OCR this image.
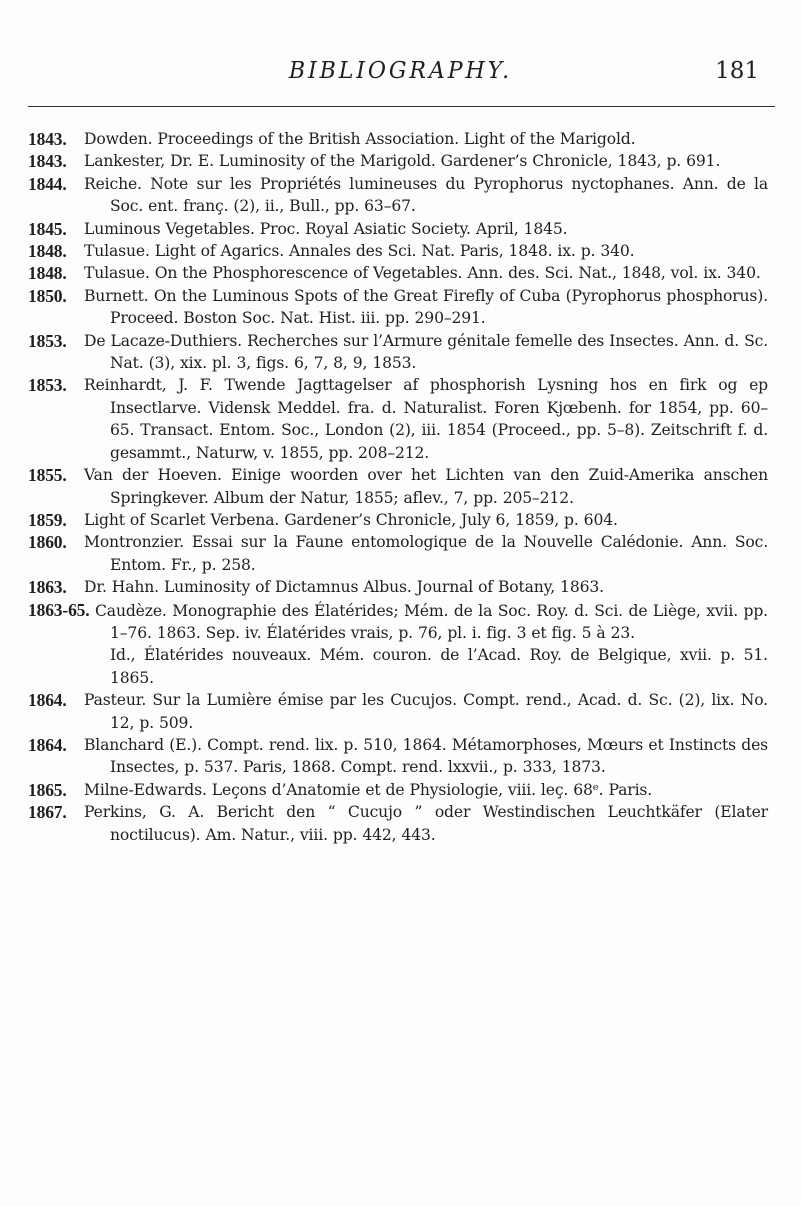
BIBLIOGRAPHY.	181
1843. Dowden. Proceedings of the British Association. Light of the Marigold.
1843. Lankester, Dr. E. Luminosity of the Marigold. Gardener’s Chronicle, 1843, p. 691.
1844. Reiche. Note sur les Propriétés lumineuses du Pyrophorus nyctophanes. Ann. de la Soc. ent. franç. (2), ii., Bull., pp. 63–67.
1845. Luminous Vegetables. Proc. Royal Asiatic Society. April, 1845.
1848. Tulasue. Light of Agarics. Annales des Sci. Nat. Paris, 1848. ix. p. 340.
1848. Tulasue. On the Phosphorescence of Vegetables. Ann. des. Sci. Nat., 1848, vol. ix. 340.
1850. Burnett. On the Luminous Spots of the Great Firefly of Cuba (Pyrophorus phosphorus). Proceed. Boston Soc. Nat. Hist. iii. pp. 290–291.
1853. De Lacaze-Duthiers. Recherches sur l’Armure génitale femelle des Insectes. Ann. d. Sc. Nat. (3), xix. pl. 3, figs. 6, 7, 8, 9, 1853.
1853. Reinhardt, J. F. Twende Jagttagelser af phosphorish Lysning hos en firk og ep Insectlarve. Vidensk Meddel. fra. d. Naturalist. Foren Kjœbenh. for 1854, pp. 60–65. Transact. Entom. Soc., London (2), iii. 1854 (Proceed., pp. 5–8). Zeitschrift f. d. gesammt., Naturw, v. 1855, pp. 208–212.
1855. Van der Hoeven. Einige woorden over het Lichten van den Zuid-Amerika anschen Springkever. Album der Natur, 1855; aflev., 7, pp. 205–212.
1859. Light of Scarlet Verbena. Gardener’s Chronicle, July 6, 1859, p. 604.
1860. Montronzier. Essai sur la Faune entomologique de la Nouvelle Calédonie. Ann. Soc. Entom. Fr., p. 258.
1863. Dr. Hahn. Luminosity of Dictamnus Albus. Journal of Botany, 1863.
1863-65. Caudèze. Monographie des Élatérides; Mém. de la Soc. Roy. d. Sci. de Liège, xvii. pp. 1–76. 1863. Sep. iv. Élatérides vrais, p. 76, pl. i. fig. 3 et fig. 5 à 23.
Id., Élatérides nouveaux. Mém. couron. de l’Acad. Roy. de Belgique, xvii. p. 51. 1865.
1864. Pasteur. Sur la Lumière émise par les Cucujos. Compt. rend., Acad. d. Sc. (2), lix. No. 12, p. 509.
1864. Blanchard (E.). Compt. rend. lix. p. 510, 1864. Métamorphoses, Mœurs et Instincts des Insectes, p. 537. Paris, 1868. Compt. rend. lxxvii., p. 333, 1873.
1865. Milne-Edwards. Leçons d’Anatomie et de Physiologie, viii. leç. 68ᵉ. Paris.
1867. Perkins, G. A. Bericht den “ Cucujo ” oder Westindischen Leuchtkäfer (Elater noctilucus). Am. Natur., viii. pp. 442, 443.
